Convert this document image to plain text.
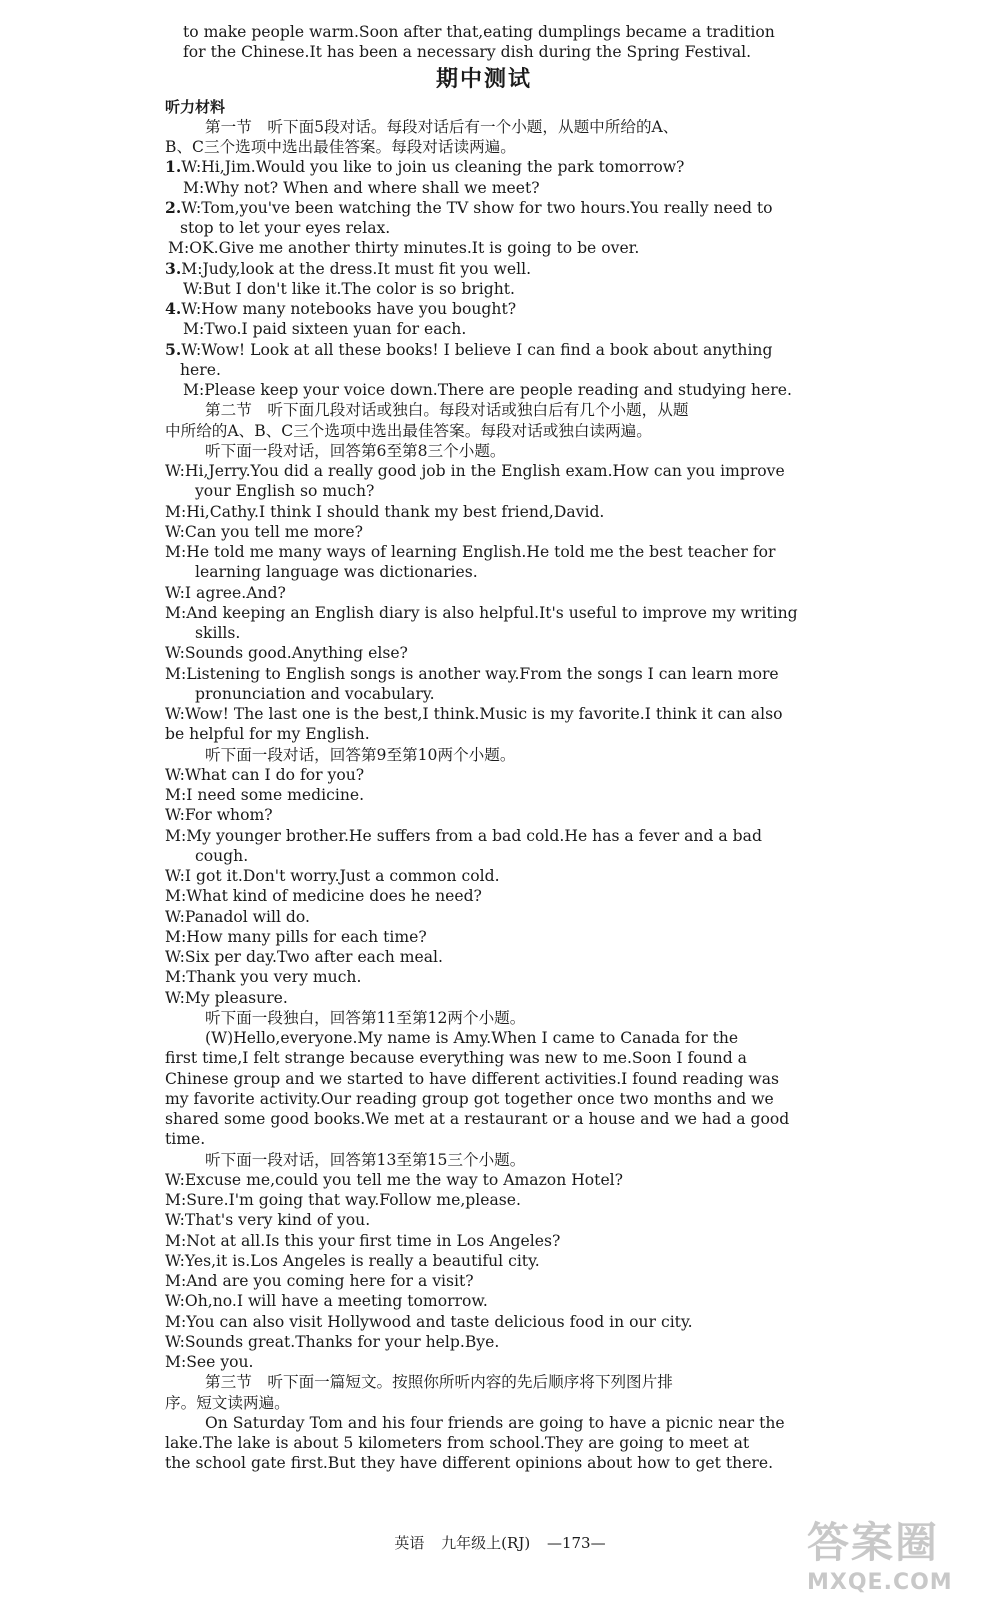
to make people warm.Soon after that,eating dumplings became a tradition
for the Chinese.It has been a necessary dish during the Spring Festival.
期中测试
听力材料
第一节　听下面5段对话。每段对话后有一个小题，从题中所给的A、
B、C三个选项中选出最佳答案。每段对话读两遍。
1.W:Hi,Jim.Would you like to join us cleaning the park tomorrow?
M:Why not? When and where shall we meet?
2.W:Tom,you've been watching the TV show for two hours.You really need to stop to let your eyes relax.
M:OK.Give me another thirty minutes.It is going to be over.
3.M:Judy,look at the dress.It must fit you well.
W:But I don't like it.The color is so bright.
4.W:How many notebooks have you bought?
M:Two.I paid sixteen yuan for each.
5.W:Wow! Look at all these books! I believe I can find a book about anything here.
M:Please keep your voice down.There are people reading and studying here.
第二节　听下面几段对话或独白。每段对话或独白后有几个小题，从题
中所给的A、B、C三个选项中选出最佳答案。每段对话或独白读两遍。
听下面一段对话，回答第6至第8三个小题。
W:Hi,Jerry.You did a really good job in the English exam.How can you improve your English so much?
M:Hi,Cathy.I think I should thank my best friend,David.
W:Can you tell me more?
M:He told me many ways of learning English.He told me the best teacher for learning language was dictionaries.
W:I agree.And?
M:And keeping an English diary is also helpful.It's useful to improve my writing skills.
W:Sounds good.Anything else?
M:Listening to English songs is another way.From the songs I can learn more pronunciation and vocabulary.
W:Wow! The last one is the best,I think.Music is my favorite.I think it can also be helpful for my English.
听下面一段对话，回答第9至第10两个小题。
W:What can I do for you?
M:I need some medicine.
W:For whom?
M:My younger brother.He suffers from a bad cold.He has a fever and a bad cough.
W:I got it.Don't worry.Just a common cold.
M:What kind of medicine does he need?
W:Panadol will do.
M:How many pills for each time?
W:Six per day.Two after each meal.
M:Thank you very much.
W:My pleasure.
听下面一段独白，回答第11至第12两个小题。
(W)Hello,everyone.My name is Amy.When I came to Canada for the
first time,I felt strange because everything was new to me.Soon I found a
Chinese group and we started to have different activities.I found reading was
my favorite activity.Our reading group got together once two months and we
shared some good books.We met at a restaurant or a house and we had a good
time.
听下面一段对话，回答第13至第15三个小题。
W:Excuse me,could you tell me the way to Amazon Hotel?
M:Sure.I'm going that way.Follow me,please.
W:That's very kind of you.
M:Not at all.Is this your first time in Los Angeles?
W:Yes,it is.Los Angeles is really a beautiful city.
M:And are you coming here for a visit?
W:Oh,no.I will have a meeting tomorrow.
M:You can also visit Hollywood and taste delicious food in our city.
W:Sounds great.Thanks for your help.Bye.
M:See you.
第三节　听下面一篇短文。按照你所听内容的先后顺序将下列图片排
序。短文读两遍。
On Saturday Tom and his four friends are going to have a picnic near the
lake.The lake is about 5 kilometers from school.They are going to meet at
the school gate first.But they have different opinions about how to get there.
英语 九年级上(RJ) —173—	答案圈
MXQE.COM
